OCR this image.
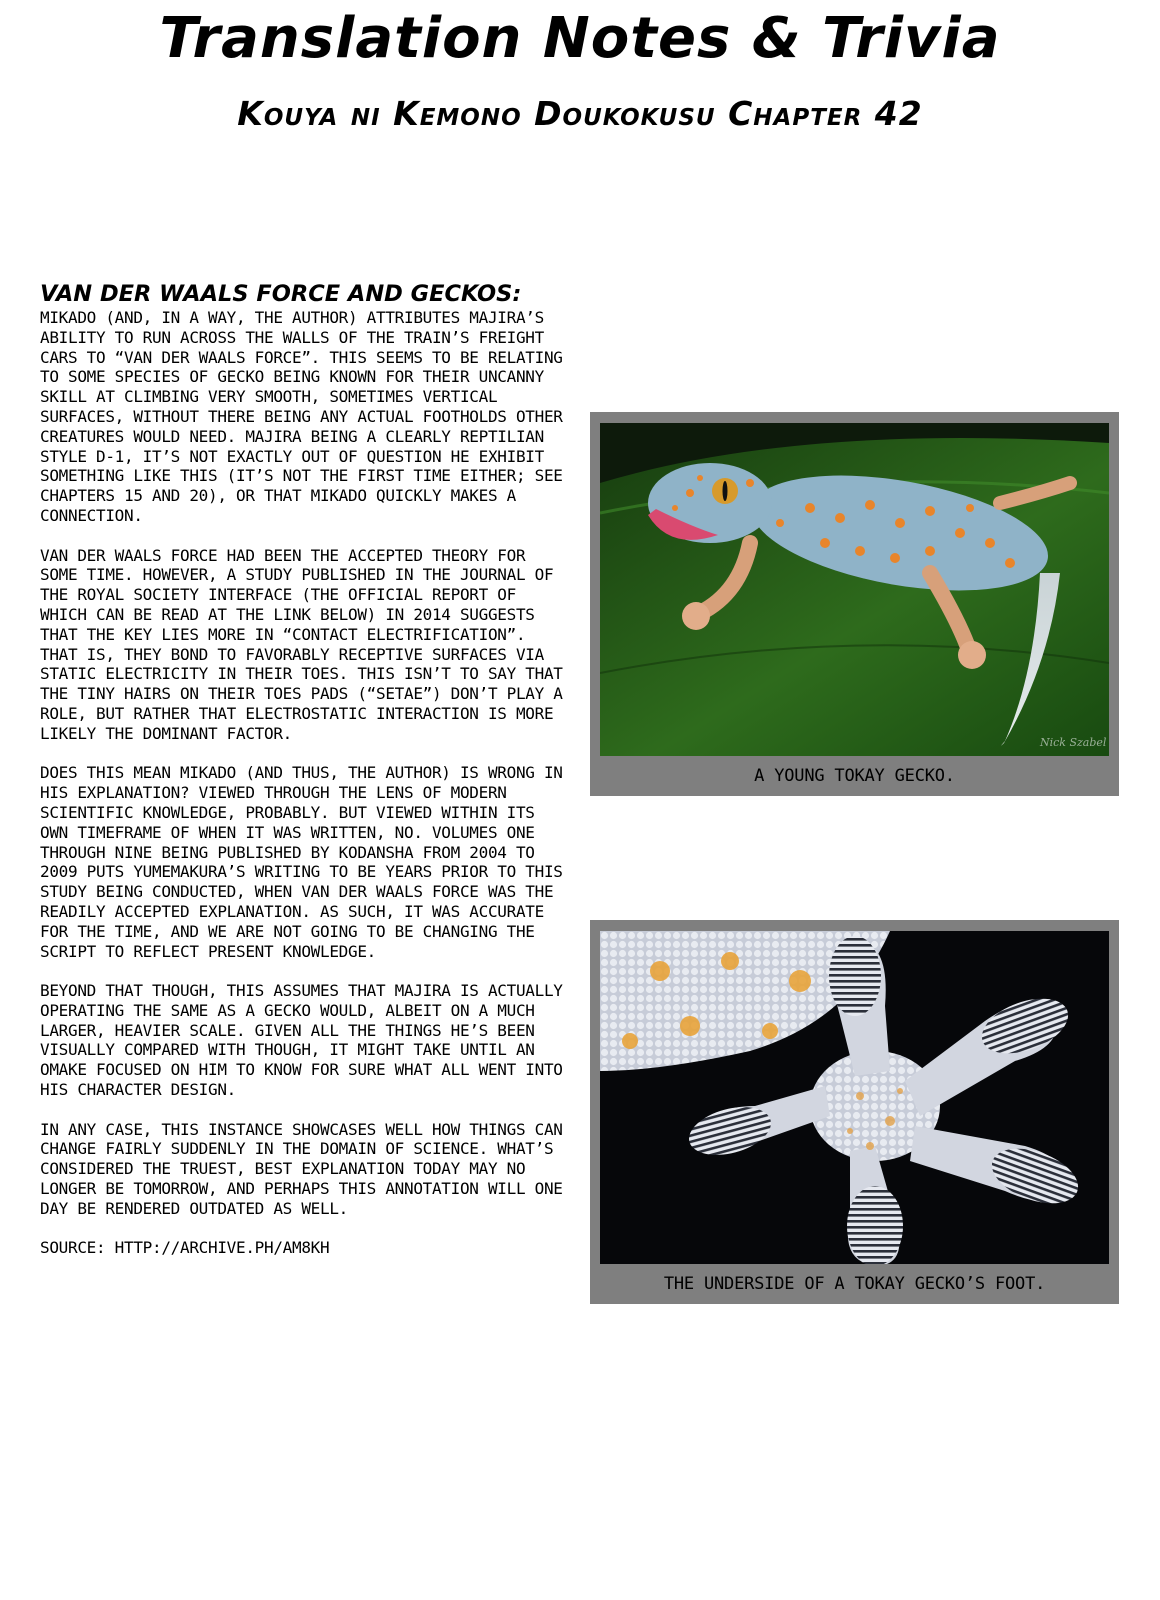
Translation Notes & Trivia
Kouya ni Kemono Doukokusu Chapter 42
VAN DER WAALS FORCE AND GECKOS:

MIKADO (AND, IN A WAY, THE AUTHOR) ATTRIBUTES MAJIRA’S ABILITY TO RUN ACROSS THE WALLS OF THE TRAIN’S FREIGHT CARS TO “VAN DER WAALS FORCE”. THIS SEEMS TO BE RELATING TO SOME SPECIES OF GECKO BEING KNOWN FOR THEIR UNCANNY SKILL AT CLIMBING VERY SMOOTH, SOMETIMES VERTICAL SURFACES, WITHOUT THERE BEING ANY ACTUAL FOOTHOLDS OTHER CREATURES WOULD NEED. MAJIRA BEING A CLEARLY REPTILIAN STYLE D-1, IT’S NOT EXACTLY OUT OF QUESTION HE EXHIBIT SOMETHING LIKE THIS (IT’S NOT THE FIRST TIME EITHER; SEE CHAPTERS 15 AND 20), OR THAT MIKADO QUICKLY MAKES A CONNECTION.

VAN DER WAALS FORCE HAD BEEN THE ACCEPTED THEORY FOR SOME TIME. HOWEVER, A STUDY PUBLISHED IN THE JOURNAL OF THE ROYAL SOCIETY INTERFACE (THE OFFICIAL REPORT OF WHICH CAN BE READ AT THE LINK BELOW) IN 2014 SUGGESTS THAT THE KEY LIES MORE IN “CONTACT ELECTRIFICATION”. THAT IS, THEY BOND TO FAVORABLY RECEPTIVE SURFACES VIA STATIC ELECTRICITY IN THEIR TOES. THIS ISN’T TO SAY THAT THE TINY HAIRS ON THEIR TOES PADS (“SETAE”) DON’T PLAY A ROLE, BUT RATHER THAT ELECTROSTATIC INTERACTION IS MORE LIKELY THE DOMINANT FACTOR.

DOES THIS MEAN MIKADO (AND THUS, THE AUTHOR) IS WRONG IN HIS EXPLANATION? VIEWED THROUGH THE LENS OF MODERN SCIENTIFIC KNOWLEDGE, PROBABLY. BUT VIEWED WITHIN ITS OWN TIMEFRAME OF WHEN IT WAS WRITTEN, NO. VOLUMES ONE THROUGH NINE BEING PUBLISHED BY KODANSHA FROM 2004 TO 2009 PUTS YUMEMAKURA’S WRITING TO BE YEARS PRIOR TO THIS STUDY BEING CONDUCTED, WHEN VAN DER WAALS FORCE WAS THE READILY ACCEPTED EXPLANATION. AS SUCH, IT WAS ACCURATE FOR THE TIME, AND WE ARE NOT GOING TO BE CHANGING THE SCRIPT TO REFLECT PRESENT KNOWLEDGE.

BEYOND THAT THOUGH, THIS ASSUMES THAT MAJIRA IS ACTUALLY OPERATING THE SAME AS A GECKO WOULD, ALBEIT ON A MUCH LARGER, HEAVIER SCALE. GIVEN ALL THE THINGS HE’S BEEN VISUALLY COMPARED WITH THOUGH, IT MIGHT TAKE UNTIL AN OMAKE FOCUSED ON HIM TO KNOW FOR SURE WHAT ALL WENT INTO HIS CHARACTER DESIGN.

IN ANY CASE, THIS INSTANCE SHOWCASES WELL HOW THINGS CAN CHANGE FAIRLY SUDDENLY IN THE DOMAIN OF SCIENCE. WHAT’S CONSIDERED THE TRUEST, BEST EXPLANATION TODAY MAY NO LONGER BE TOMORROW, AND PERHAPS THIS ANNOTATION WILL ONE DAY BE RENDERED OUTDATED AS WELL.

SOURCE: HTTP://ARCHIVE.PH/AM8KH

Nick Szabel
A YOUNG TOKAY GECKO.
THE UNDERSIDE OF A TOKAY GECKO’S FOOT.
